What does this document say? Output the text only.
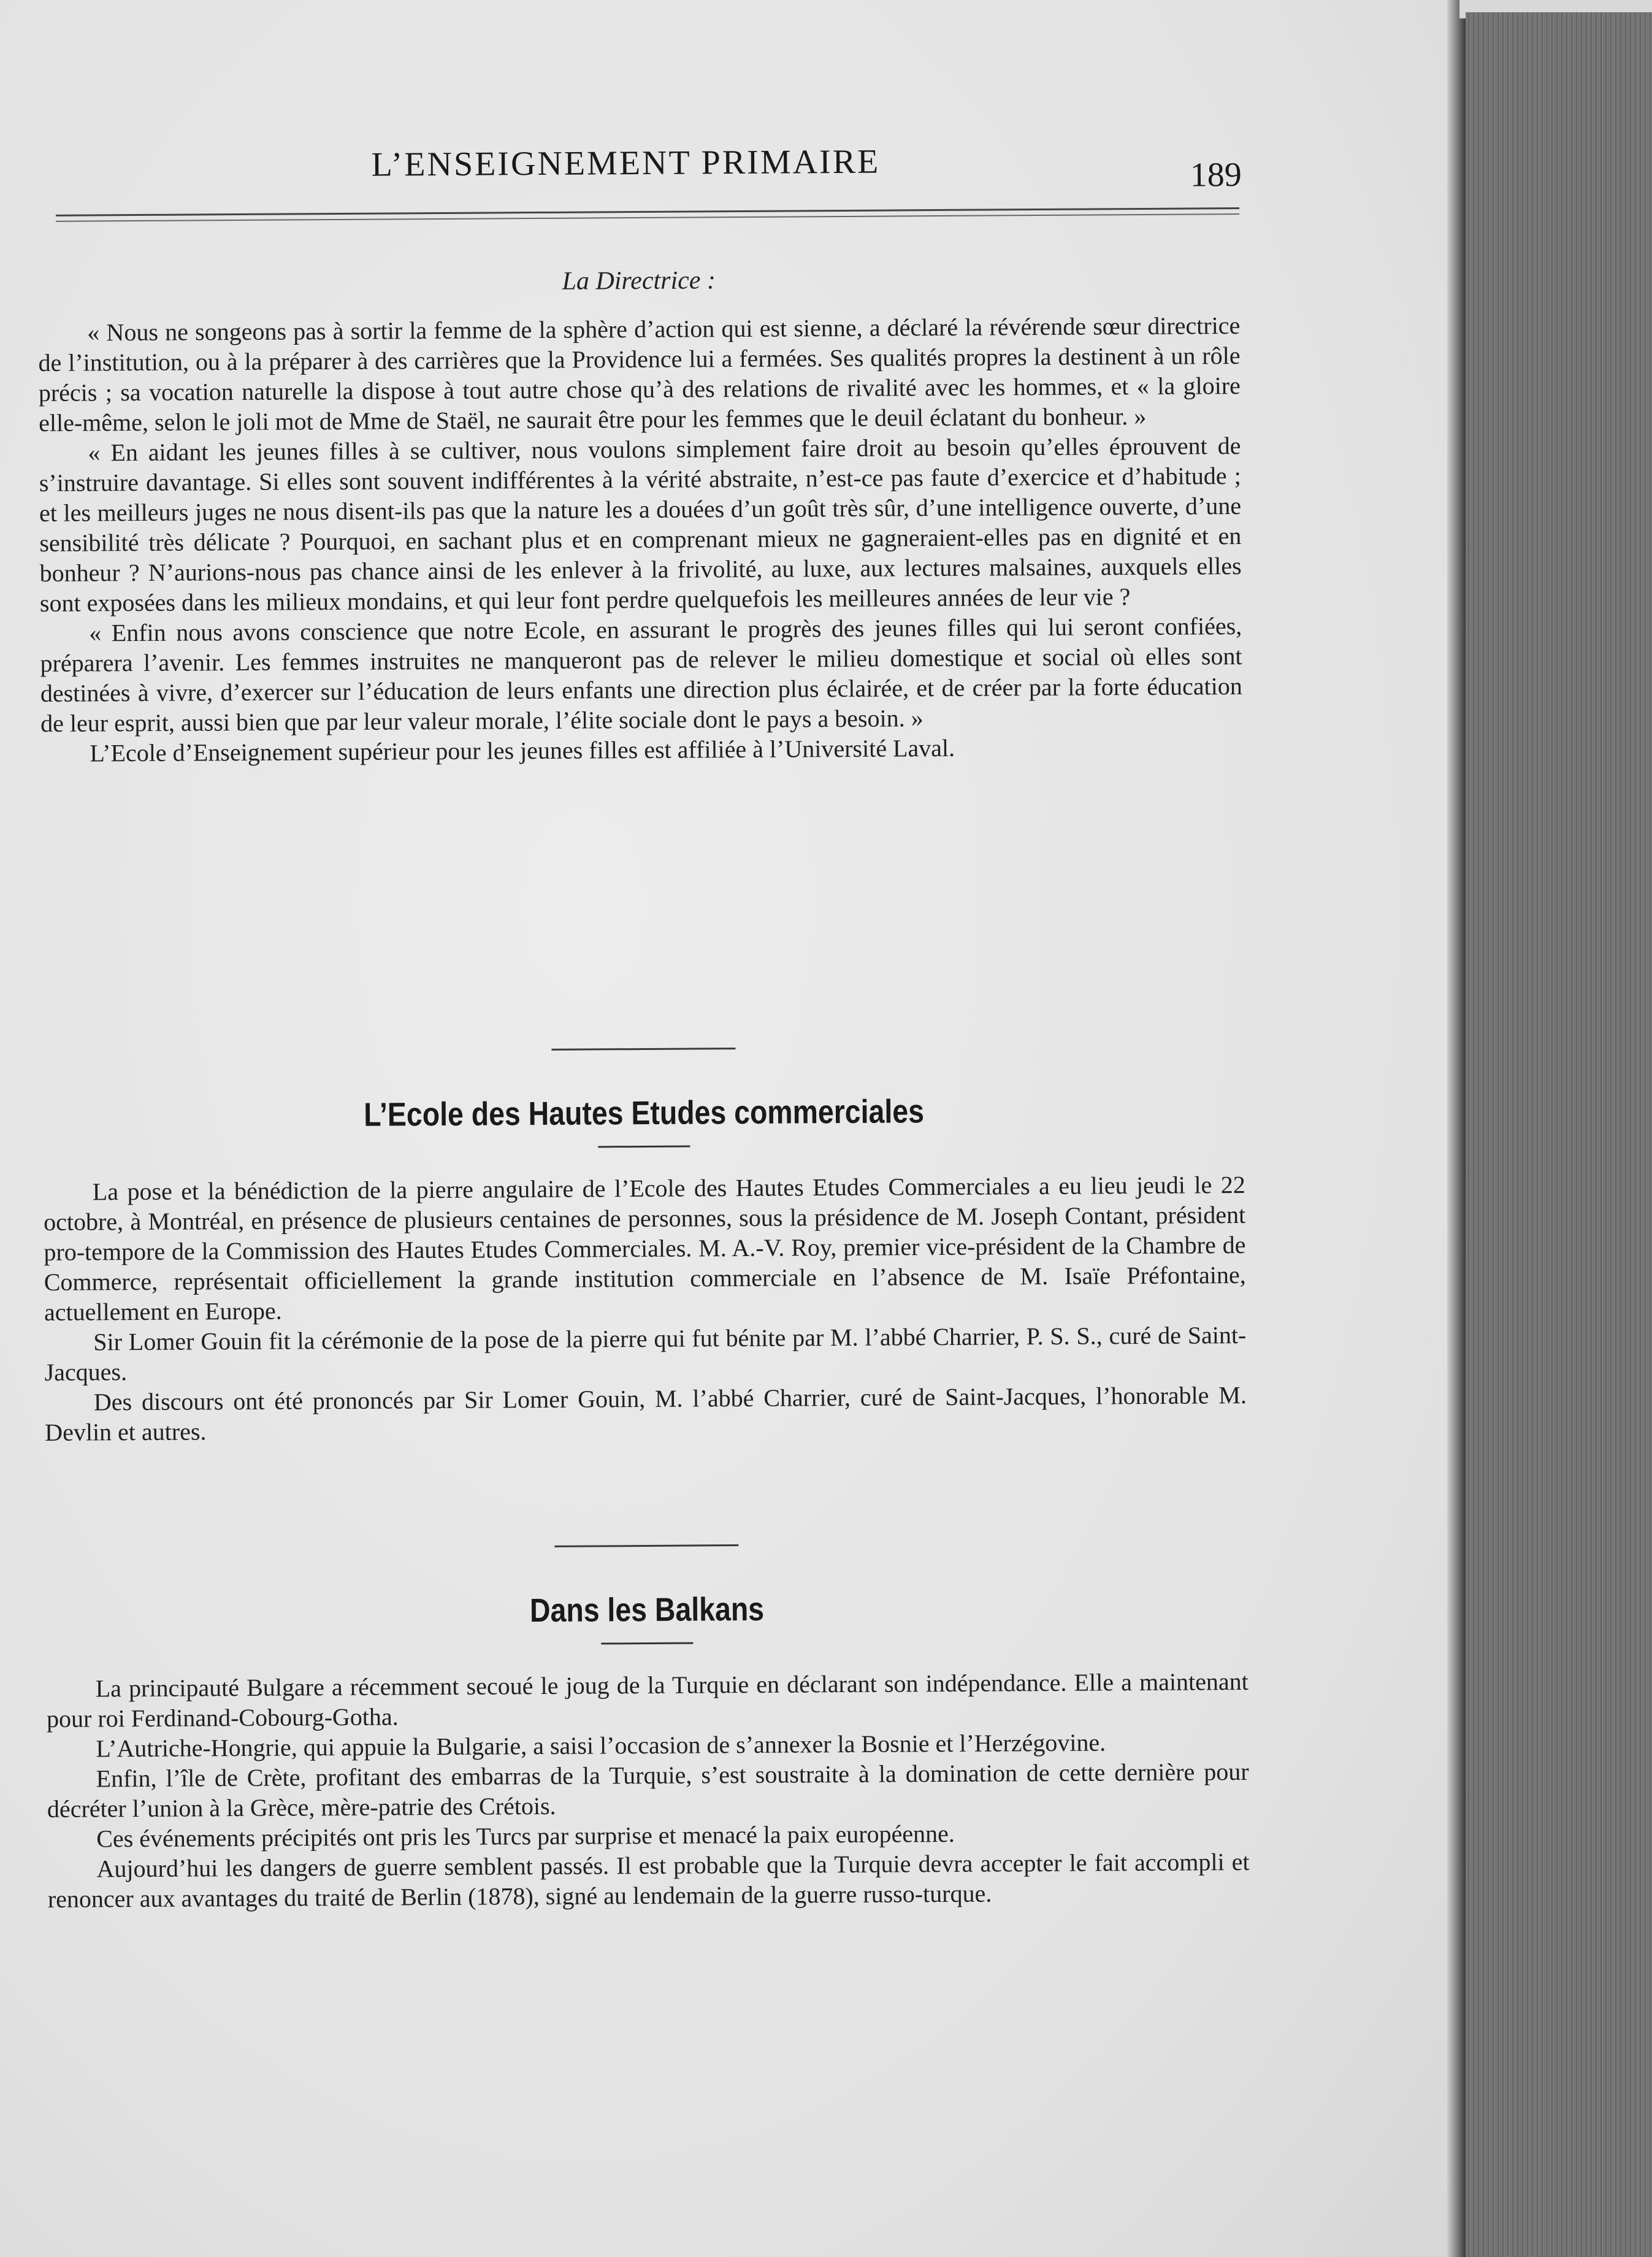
L’ENSEIGNEMENT PRIMAIRE	189
La Directrice :

« Nous ne songeons pas à sortir la femme de la sphère d’action qui est sienne, a déclaré la révérende sœur directrice de l’institution, ou à la préparer à des carrières que la Providence lui a fermées. Ses qualités propres la destinent à un rôle précis ; sa vocation naturelle la dispose à tout autre chose qu’à des relations de rivalité avec les hommes, et « la gloire elle-même, selon le joli mot de Mme de Staël, ne saurait être pour les femmes que le deuil éclatant du bonheur. »

« En aidant les jeunes filles à se cultiver, nous voulons simplement faire droit au besoin qu’elles éprouvent de s’instruire davantage. Si elles sont souvent indifférentes à la vérité abstraite, n’est-ce pas faute d’exercice et d’habitude ; et les meilleurs juges ne nous disent-ils pas que la nature les a douées d’un goût très sûr, d’une intelligence ouverte, d’une sensibilité très délicate ? Pourquoi, en sachant plus et en comprenant mieux ne gagneraient-elles pas en dignité et en bonheur ? N’aurions-nous pas chance ainsi de les enlever à la frivolité, au luxe, aux lectures malsaines, auxquels elles sont exposées dans les milieux mondains, et qui leur font perdre quelquefois les meilleures années de leur vie ?

« Enfin nous avons conscience que notre Ecole, en assurant le progrès des jeunes filles qui lui seront confiées, préparera l’avenir. Les femmes instruites ne manqueront pas de relever le milieu domestique et social où elles sont destinées à vivre, d’exercer sur l’éducation de leurs enfants une direction plus éclairée, et de créer par la forte éducation de leur esprit, aussi bien que par leur valeur morale, l’élite sociale dont le pays a besoin. »

L’Ecole d’Enseignement supérieur pour les jeunes filles est affiliée à l’Université Laval.

L’Ecole des Hautes Etudes commerciales

La pose et la bénédiction de la pierre angulaire de l’Ecole des Hautes Etudes Commerciales a eu lieu jeudi le 22 octobre, à Montréal, en présence de plusieurs centaines de personnes, sous la présidence de M. Joseph Contant, président pro-tempore de la Commission des Hautes Etudes Commerciales. M. A.-V. Roy, premier vice-président de la Chambre de Commerce, représentait officiellement la grande institution commerciale en l’absence de M. Isaïe Préfontaine, actuellement en Europe.

Sir Lomer Gouin fit la cérémonie de la pose de la pierre qui fut bénite par M. l’abbé Charrier, P. S. S., curé de Saint-Jacques.

Des discours ont été prononcés par Sir Lomer Gouin, M. l’abbé Charrier, curé de Saint-Jacques, l’honorable M. Devlin et autres.

Dans les Balkans

La principauté Bulgare a récemment secoué le joug de la Turquie en déclarant son indépendance. Elle a maintenant pour roi Ferdinand-Cobourg-Gotha.

L’Autriche-Hongrie, qui appuie la Bulgarie, a saisi l’occasion de s’annexer la Bosnie et l’Herzégovine.

Enfin, l’île de Crète, profitant des embarras de la Turquie, s’est soustraite à la domination de cette dernière pour décréter l’union à la Grèce, mère-patrie des Crétois.

Ces événements précipités ont pris les Turcs par surprise et menacé la paix européenne.

Aujourd’hui les dangers de guerre semblent passés. Il est probable que la Turquie devra accepter le fait accompli et renoncer aux avantages du traité de Berlin (1878), signé au lendemain de la guerre russo-turque.
